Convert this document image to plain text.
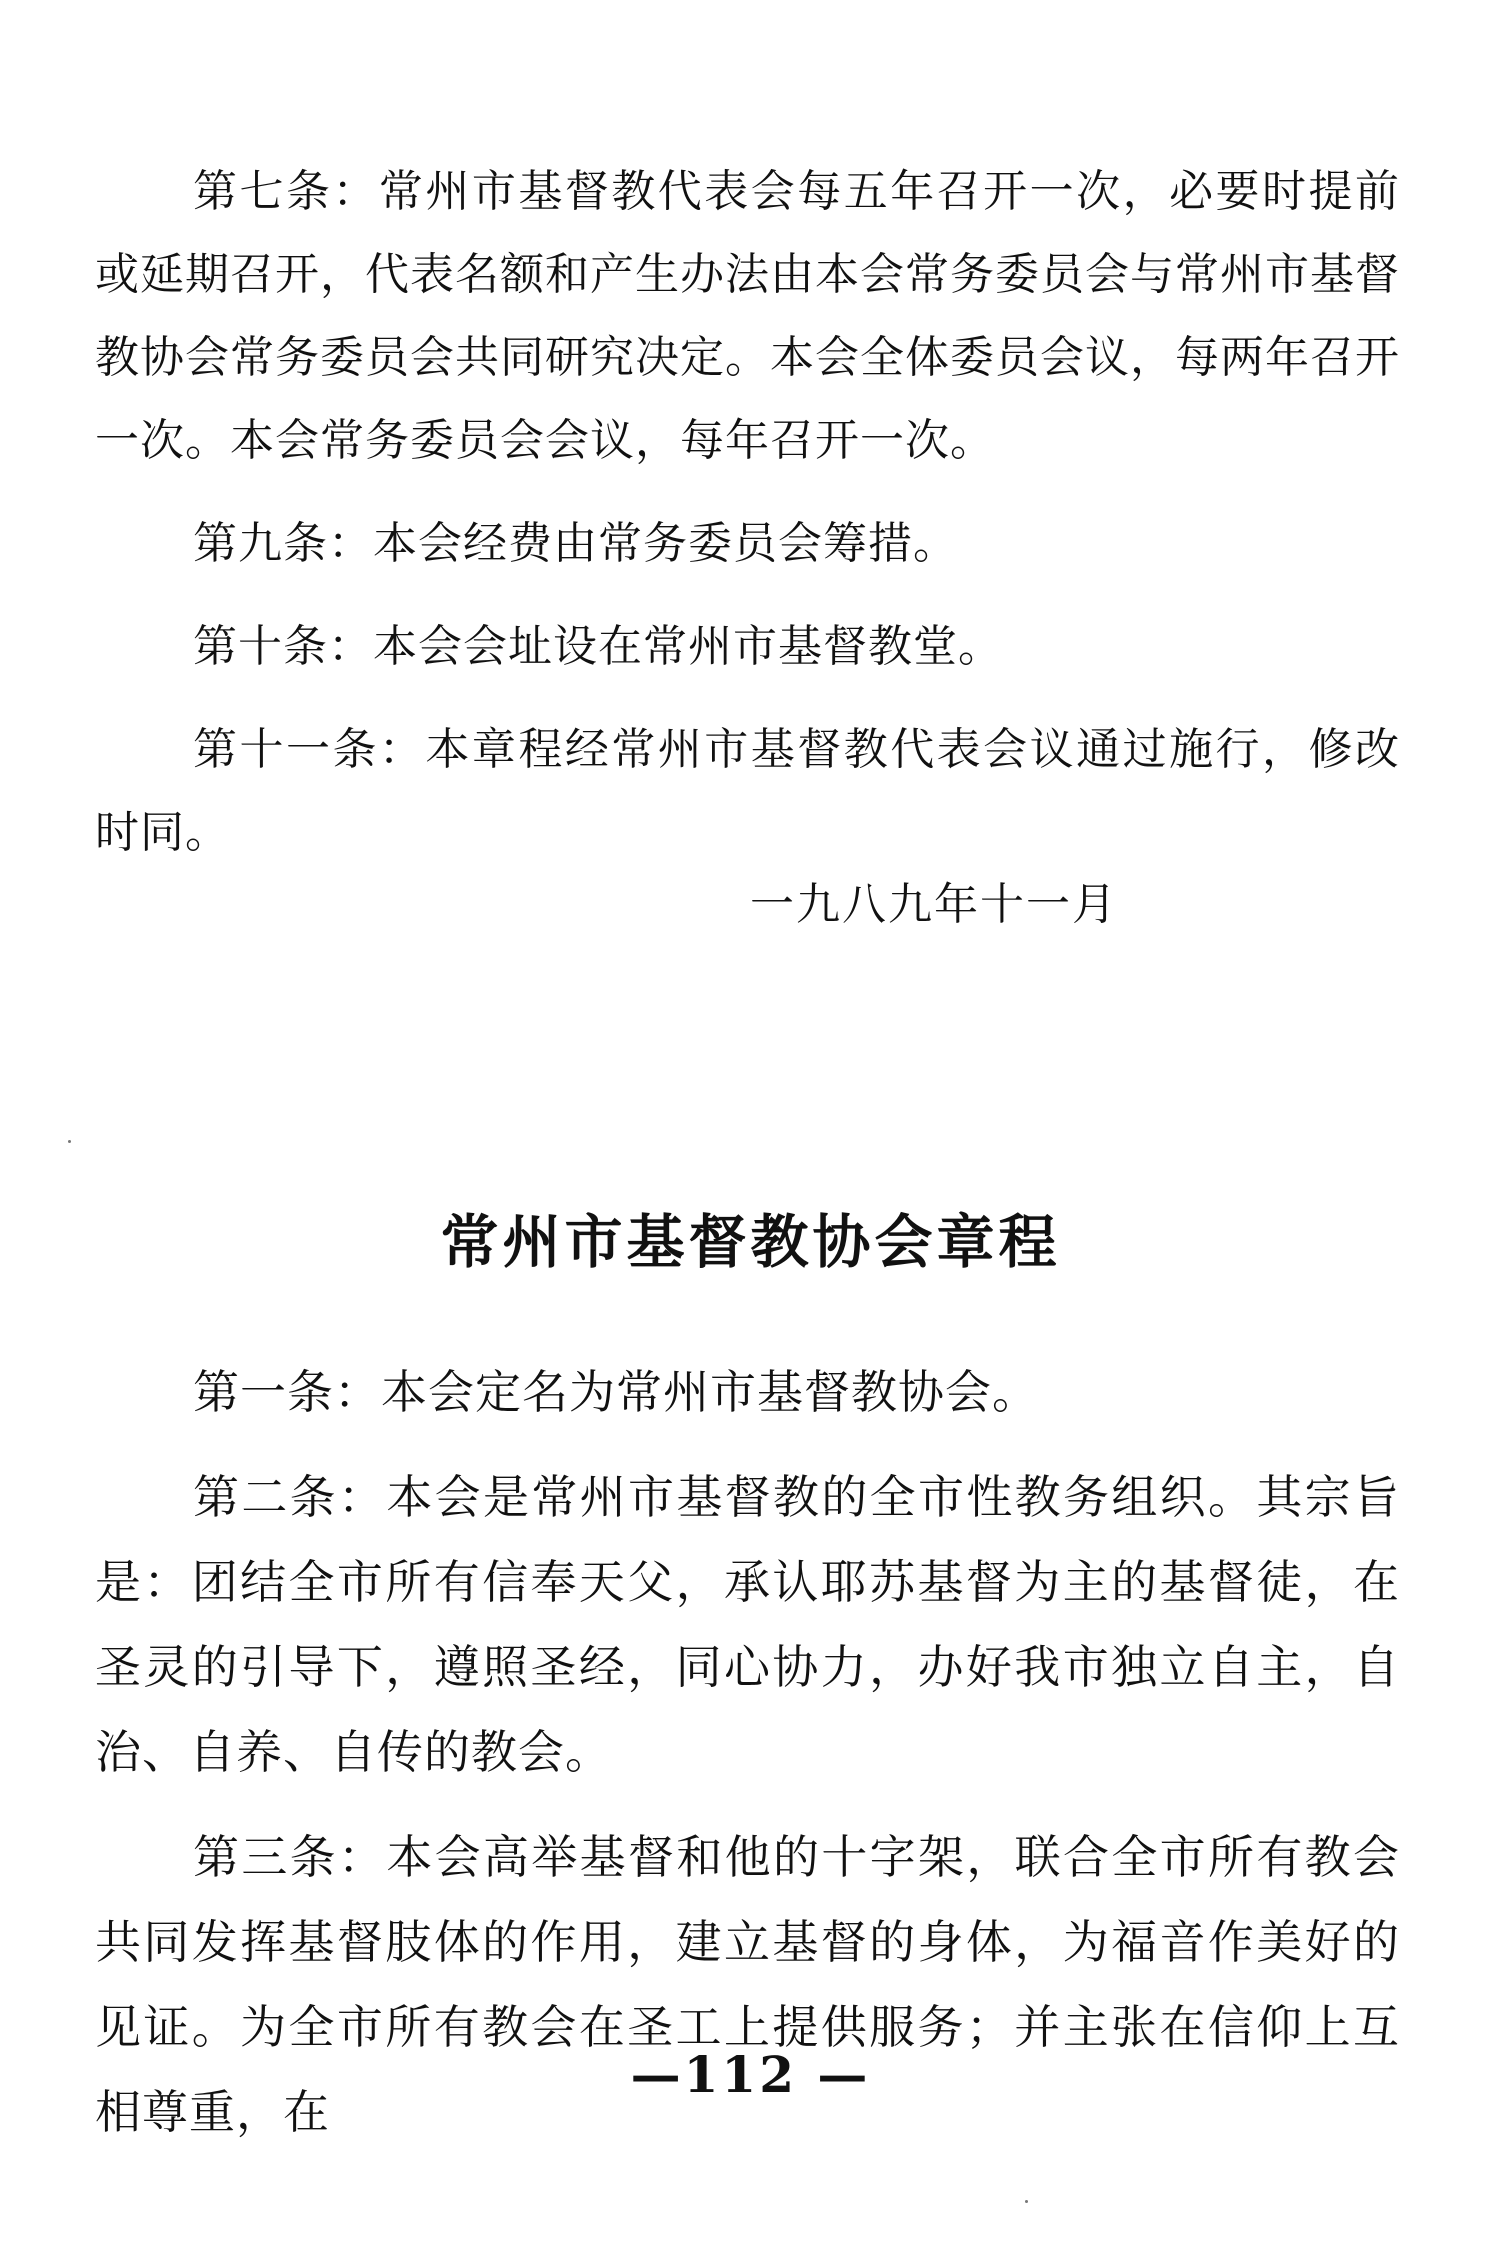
第七条：常州市基督教代表会每五年召开一次，必要时提前或延期召开，代表名额和产生办法由本会常务委员会与常州市基督教协会常务委员会共同研究决定。本会全体委员会议，每两年召开一次。本会常务委员会会议，每年召开一次。

第九条：本会经费由常务委员会筹措。

第十条：本会会址设在常州市基督教堂。

第十一条：本章程经常州市基督教代表会议通过施行，修改时同。

一九八九年十一月
常州市基督教协会章程

第一条：本会定名为常州市基督教协会。

第二条：本会是常州市基督教的全市性教务组织。其宗旨是：团结全市所有信奉天父，承认耶苏基督为主的基督徒，在圣灵的引导下，遵照圣经，同心协力，办好我市独立自主，自治、自养、自传的教会。

第三条：本会高举基督和他的十字架，联合全市所有教会共同发挥基督肢体的作用，建立基督的身体，为福音作美好的见证。为全市所有教会在圣工上提供服务；并主张在信仰上互相尊重，在

—112 —
